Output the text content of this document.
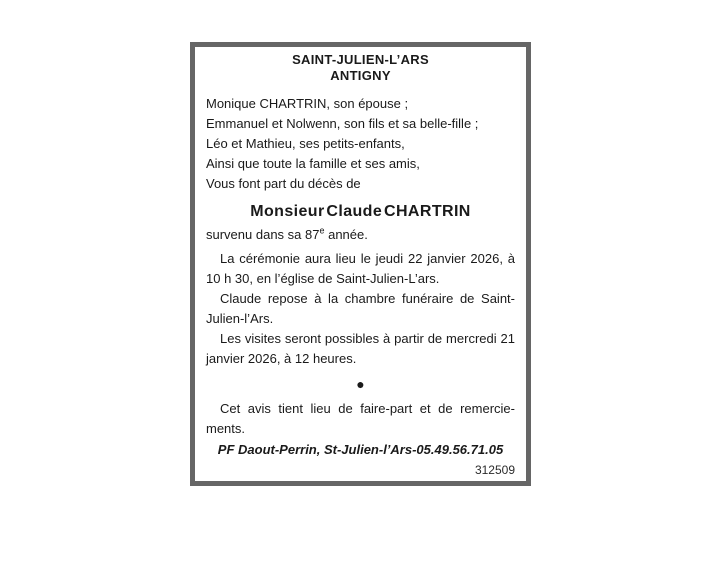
SAINT-JULIEN-L’ARS
ANTIGNY
Monique CHARTRIN, son épouse ;
Emmanuel et Nolwenn, son fils et sa belle-fille ;
Léo et Mathieu, ses petits-enfants,
Ainsi que toute la famille et ses amis,
Vous font part du décès de
Monsieur Claude CHARTRIN
survenu dans sa 87e année.

La cérémonie aura lieu le jeudi 22 janvier 2026, à 10 h 30, en l’église de Saint-Julien-L’ars.

Claude repose à la chambre funéraire de Saint-Julien-l’Ars.

Les visites seront possibles à partir de mercredi 21 janvier 2026, à 12 heures.

●

Cet avis tient lieu de faire-part et de remerciements.

PF Daout-Perrin, St-Julien-l’Ars-05.49.56.71.05
312509
